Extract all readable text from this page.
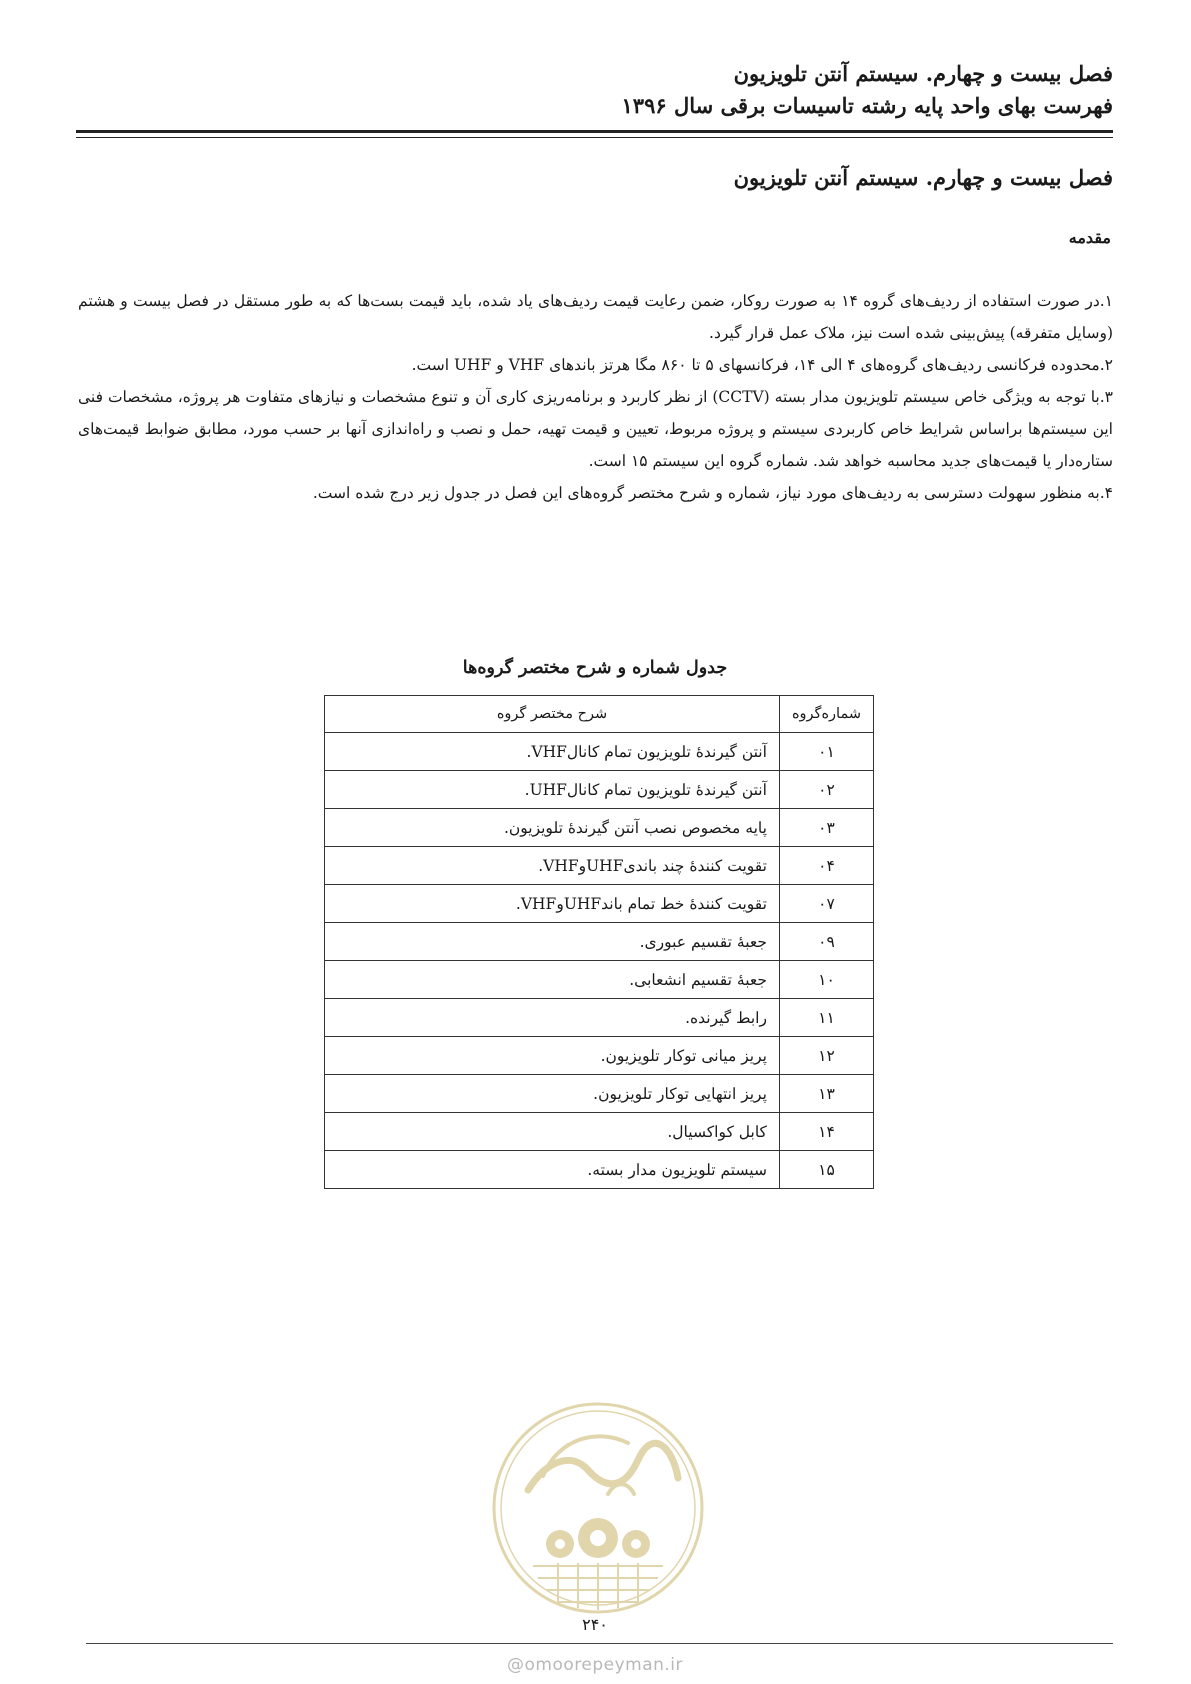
فصل بیست و چهارم. سیستم آنتن تلویزیون
فهرست بهای واحد پایه رشته تاسیسات برقی سال ۱۳۹۶
فصل بیست و چهارم. سیستم آنتن تلویزیون
مقدمه

۱.در صورت استفاده از ردیف‌های گروه ۱۴ به صورت روکار، ضمن رعایت قیمت ردیف‌های یاد شده، باید قیمت بست‌ها که به طور مستقل در فصل بیست و هشتم (وسایل متفرقه) پیش‌بینی شده است نیز، ملاک عمل قرار گیرد.

۲.محدوده فرکانسی ردیف‌های گروه‌های ۴ الی ۱۴، فرکانسهای ۵ تا ۸۶۰ مگا هرتز باندهای VHF و UHF است.

۳.با توجه به ویژگی خاص سیستم تلویزیون مدار بسته (CCTV) از نظر کاربرد و برنامه‌ریزی کاری آن و تنوع مشخصات و نیازهای متفاوت هر پروژه، مشخصات فنی این سیستم‌ها براساس شرایط خاص کاربردی سیستم و پروژه مربوط، تعیین و قیمت تهیه، حمل و نصب و راه‌اندازی آنها بر حسب مورد، مطابق ضوابط قیمت‌های ستاره‌دار یا قیمت‌های جدید محاسبه خواهد شد. شماره گروه این سیستم ۱۵ است.

۴.به منظور سهولت دسترسی به ردیف‌های مورد نیاز، شماره و شرح مختصر گروه‌های این فصل در جدول زیر درج شده است.

جدول شماره و شرح مختصر گروه‌ها
شماره‌گروه	شرح مختصر گروه
۰۱	آنتن گیرندهٔ تلویزیون تمام کانالVHF.
۰۲	آنتن گیرندهٔ تلویزیون تمام کانالUHF.
۰۳	پایه مخصوص نصب آنتن گیرندهٔ تلویزیون.
۰۴	تقویت کنندهٔ چند باندیUHFوVHF.
۰۷	تقویت کنندهٔ خط تمام باندUHFوVHF.
۰۹	جعبهٔ تقسیم عبوری.
۱۰	جعبهٔ تقسیم انشعابی.
۱۱	رابط گیرنده.
۱۲	پریز میانی توکار تلویزیون.
۱۳	پریز انتهایی توکار تلویزیون.
۱۴	کابل کواکسیال.
۱۵	سیستم تلویزیون مدار بسته.
۲۴۰
@omoorepeyman.ir
